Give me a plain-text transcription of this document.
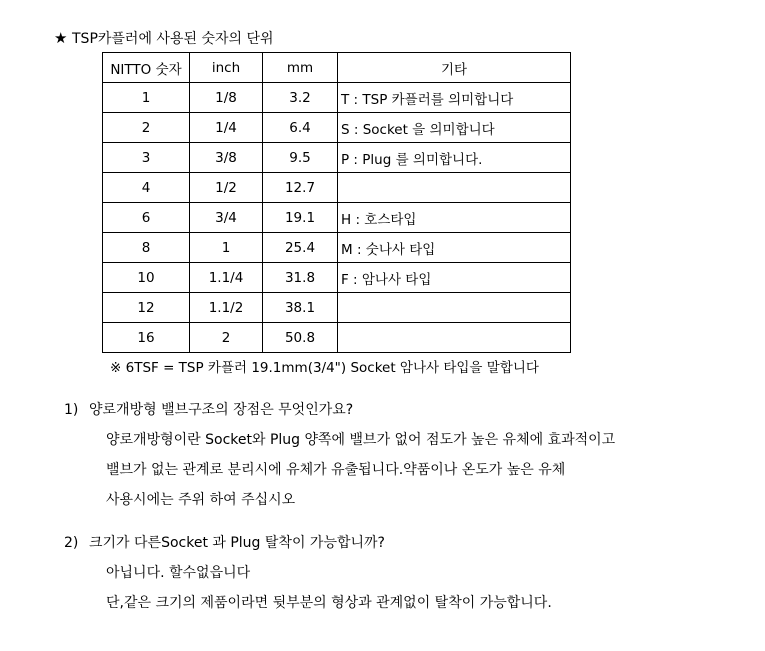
★ TSP카플러에 사용된 숫자의 단위
NITTO 숫자	inch	mm	기타
1	1/8	3.2	T : TSP 카플러를 의미합니다
2	1/4	6.4	S : Socket 을 의미합니다
3	3/8	9.5	P : Plug 를 의미합니다.
4	1/2	12.7	
6	3/4	19.1	H : 호스타입
8	1	25.4	M : 숫나사 타입
10	1.1/4	31.8	F : 암나사 타입
12	1.1/2	38.1	
16	2	50.8	
※ 6TSF = TSP 카플러 19.1mm(3/4") Socket 암나사 타입을 말합니다
1) 양로개방형 밸브구조의 장점은 무엇인가요?
양로개방형이란 Socket와 Plug 양쪽에 밸브가 없어 점도가 높은 유체에 효과적이고
밸브가 없는 관계로 분리시에 유체가 유출됩니다.약품이나 온도가 높은 유체
사용시에는 주위 하여 주십시오
2) 크기가 다른Socket 과 Plug 탈착이 가능합니까?
아닙니다. 할수없읍니다
단,같은 크기의 제품이라면 뒷부분의 형상과 관계없이 탈착이 가능합니다.
